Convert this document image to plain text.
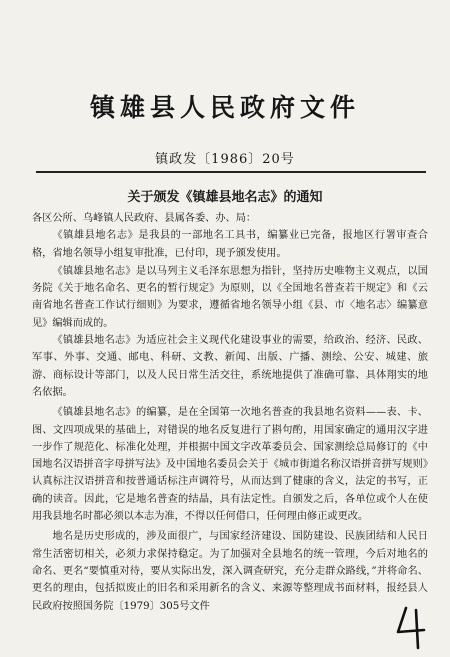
镇雄县人民政府文件
镇政发〔1986〕20号
关于颁发《镇雄县地名志》的通知

各区公所、乌峰镇人民政府、县属各委、办、局：

《镇雄县地名志》是我县的一部地名工具书，编纂业已完备，报地区行署审查合格，省地名领导小组复审批准，已付印，现予颁发使用。

《镇雄县地名志》是以马列主义毛泽东思想为指针，坚持历史唯物主义观点，以国务院《关于地名命名、更名的暂行规定》为原则，以《全国地名普查若干规定》和《云南省地名普查工作试行细则》为要求，遵循省地名领导小组《县、市〈地名志〉编纂意见》编辑而成的。

《镇雄县地名志》为适应社会主义现代化建设事业的需要，给政治、经济、民政、军事、外事、交通、邮电、科研、文教、新闻、出版、广播、测绘、公安、城建、旅游、商标设计等部门，以及人民日常生活交往，系统地提供了准确可靠、具体翔实的地名依据。

《镇雄县地名志》的编纂，是在全国第一次地名普查的我县地名资料——表、卡、图、文四项成果的基础上，对错误的地名反复进行了斟句酌，用国家确定的通用汉字进一步作了规范化、标准化处理，并根据中国文字改革委员会、国家测绘总局修订的《中国地名汉语拼音字母拼写法》及中国地名委员会关于《城市街道名称汉语拼音拼写规则》认真标注汉语拼音和按普通话标注声调符号，从而达到了健康的含义，法定的书写，正确的读音。因此，它是地名普查的结晶，具有法定性。自颁发之后，各单位或个人在使用我县地名时都必须以本志为准，不得以任何借口，任何理由修正或更改。

地名是历史形成的，涉及面很广，与国家经济建设、国防建设、民族团结和人民日常生活密切相关，必须力求保持稳定。为了加强对全县地名的统一管理，今后对地名的命名、更名“要慎重对待，要从实际出发，深入调查研究，充分走群众路线，”并将命名、更名的理由，包括拟废止的旧名和采用新名的含义、来源等整理成书面材料，报经县人民政府按照国务院〔1979〕305号文件
